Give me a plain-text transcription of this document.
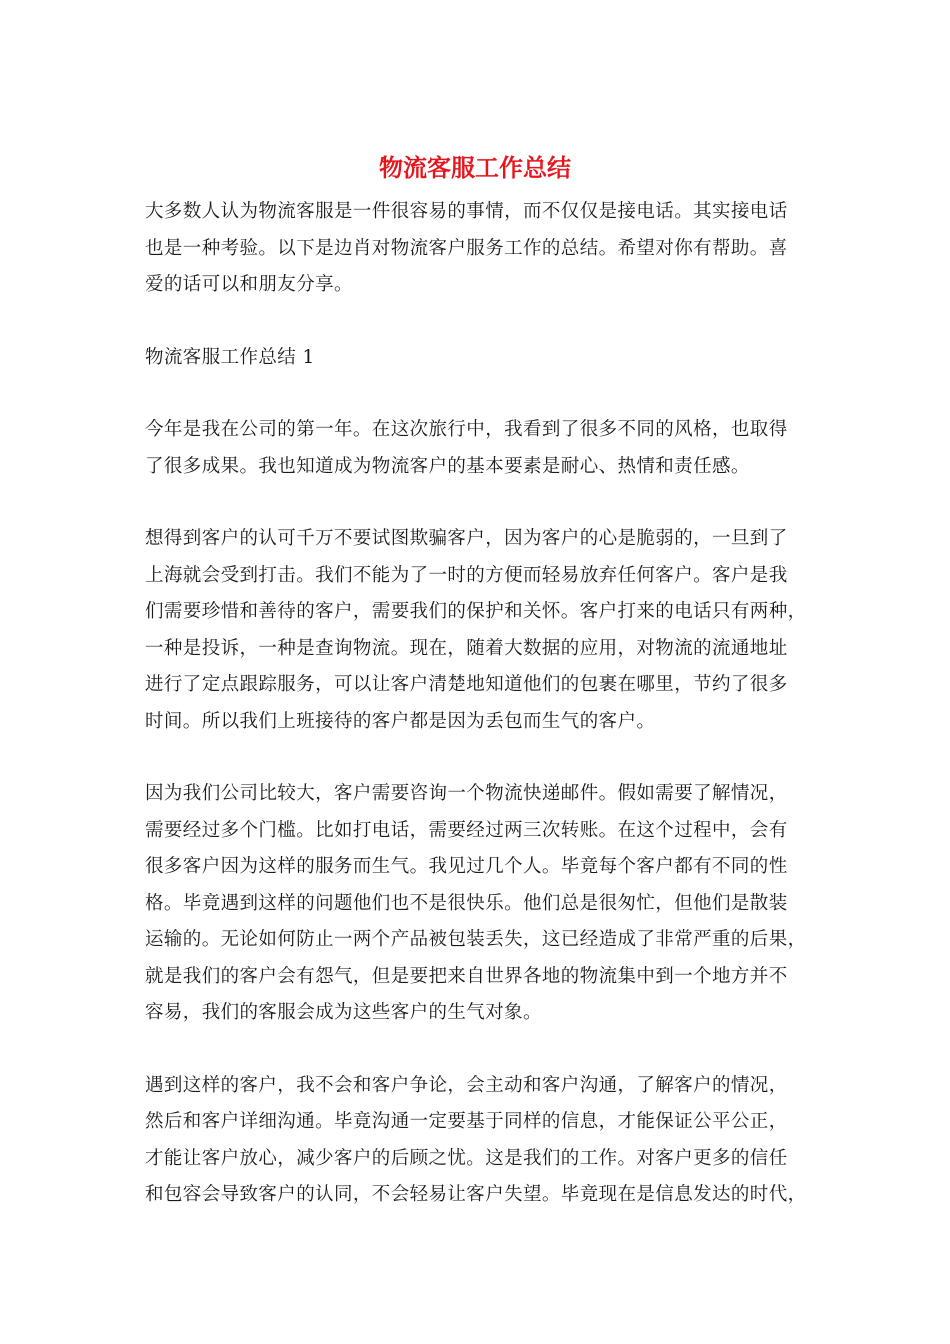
物流客服工作总结

大多数人认为物流客服是一件很容易的事情，而不仅仅是接电话。其实接电话
也是一种考验。以下是边肖对物流客户服务工作的总结。希望对你有帮助。喜
爱的话可以和朋友分享。

物流客服工作总结 1

今年是我在公司的第一年。在这次旅行中，我看到了很多不同的风格，也取得
了很多成果。我也知道成为物流客户的基本要素是耐心、热情和责任感。

想得到客户的认可千万不要试图欺骗客户，因为客户的心是脆弱的，一旦到了
上海就会受到打击。我们不能为了一时的方便而轻易放弃任何客户。客户是我
们需要珍惜和善待的客户，需要我们的保护和关怀。客户打来的电话只有两种，
一种是投诉，一种是查询物流。现在，随着大数据的应用，对物流的流通地址
进行了定点跟踪服务，可以让客户清楚地知道他们的包裹在哪里，节约了很多
时间。所以我们上班接待的客户都是因为丢包而生气的客户。

因为我们公司比较大，客户需要咨询一个物流快递邮件。假如需要了解情况，
需要经过多个门槛。比如打电话，需要经过两三次转账。在这个过程中，会有
很多客户因为这样的服务而生气。我见过几个人。毕竟每个客户都有不同的性
格。毕竟遇到这样的问题他们也不是很快乐。他们总是很匆忙，但他们是散装
运输的。无论如何防止一两个产品被包装丢失，这已经造成了非常严重的后果，
就是我们的客户会有怨气，但是要把来自世界各地的物流集中到一个地方并不
容易，我们的客服会成为这些客户的生气对象。

遇到这样的客户，我不会和客户争论，会主动和客户沟通，了解客户的情况，
然后和客户详细沟通。毕竟沟通一定要基于同样的信息，才能保证公平公正，
才能让客户放心，减少客户的后顾之忧。这是我们的工作。对客户更多的信任
和包容会导致客户的认同，不会轻易让客户失望。毕竟现在是信息发达的时代，
